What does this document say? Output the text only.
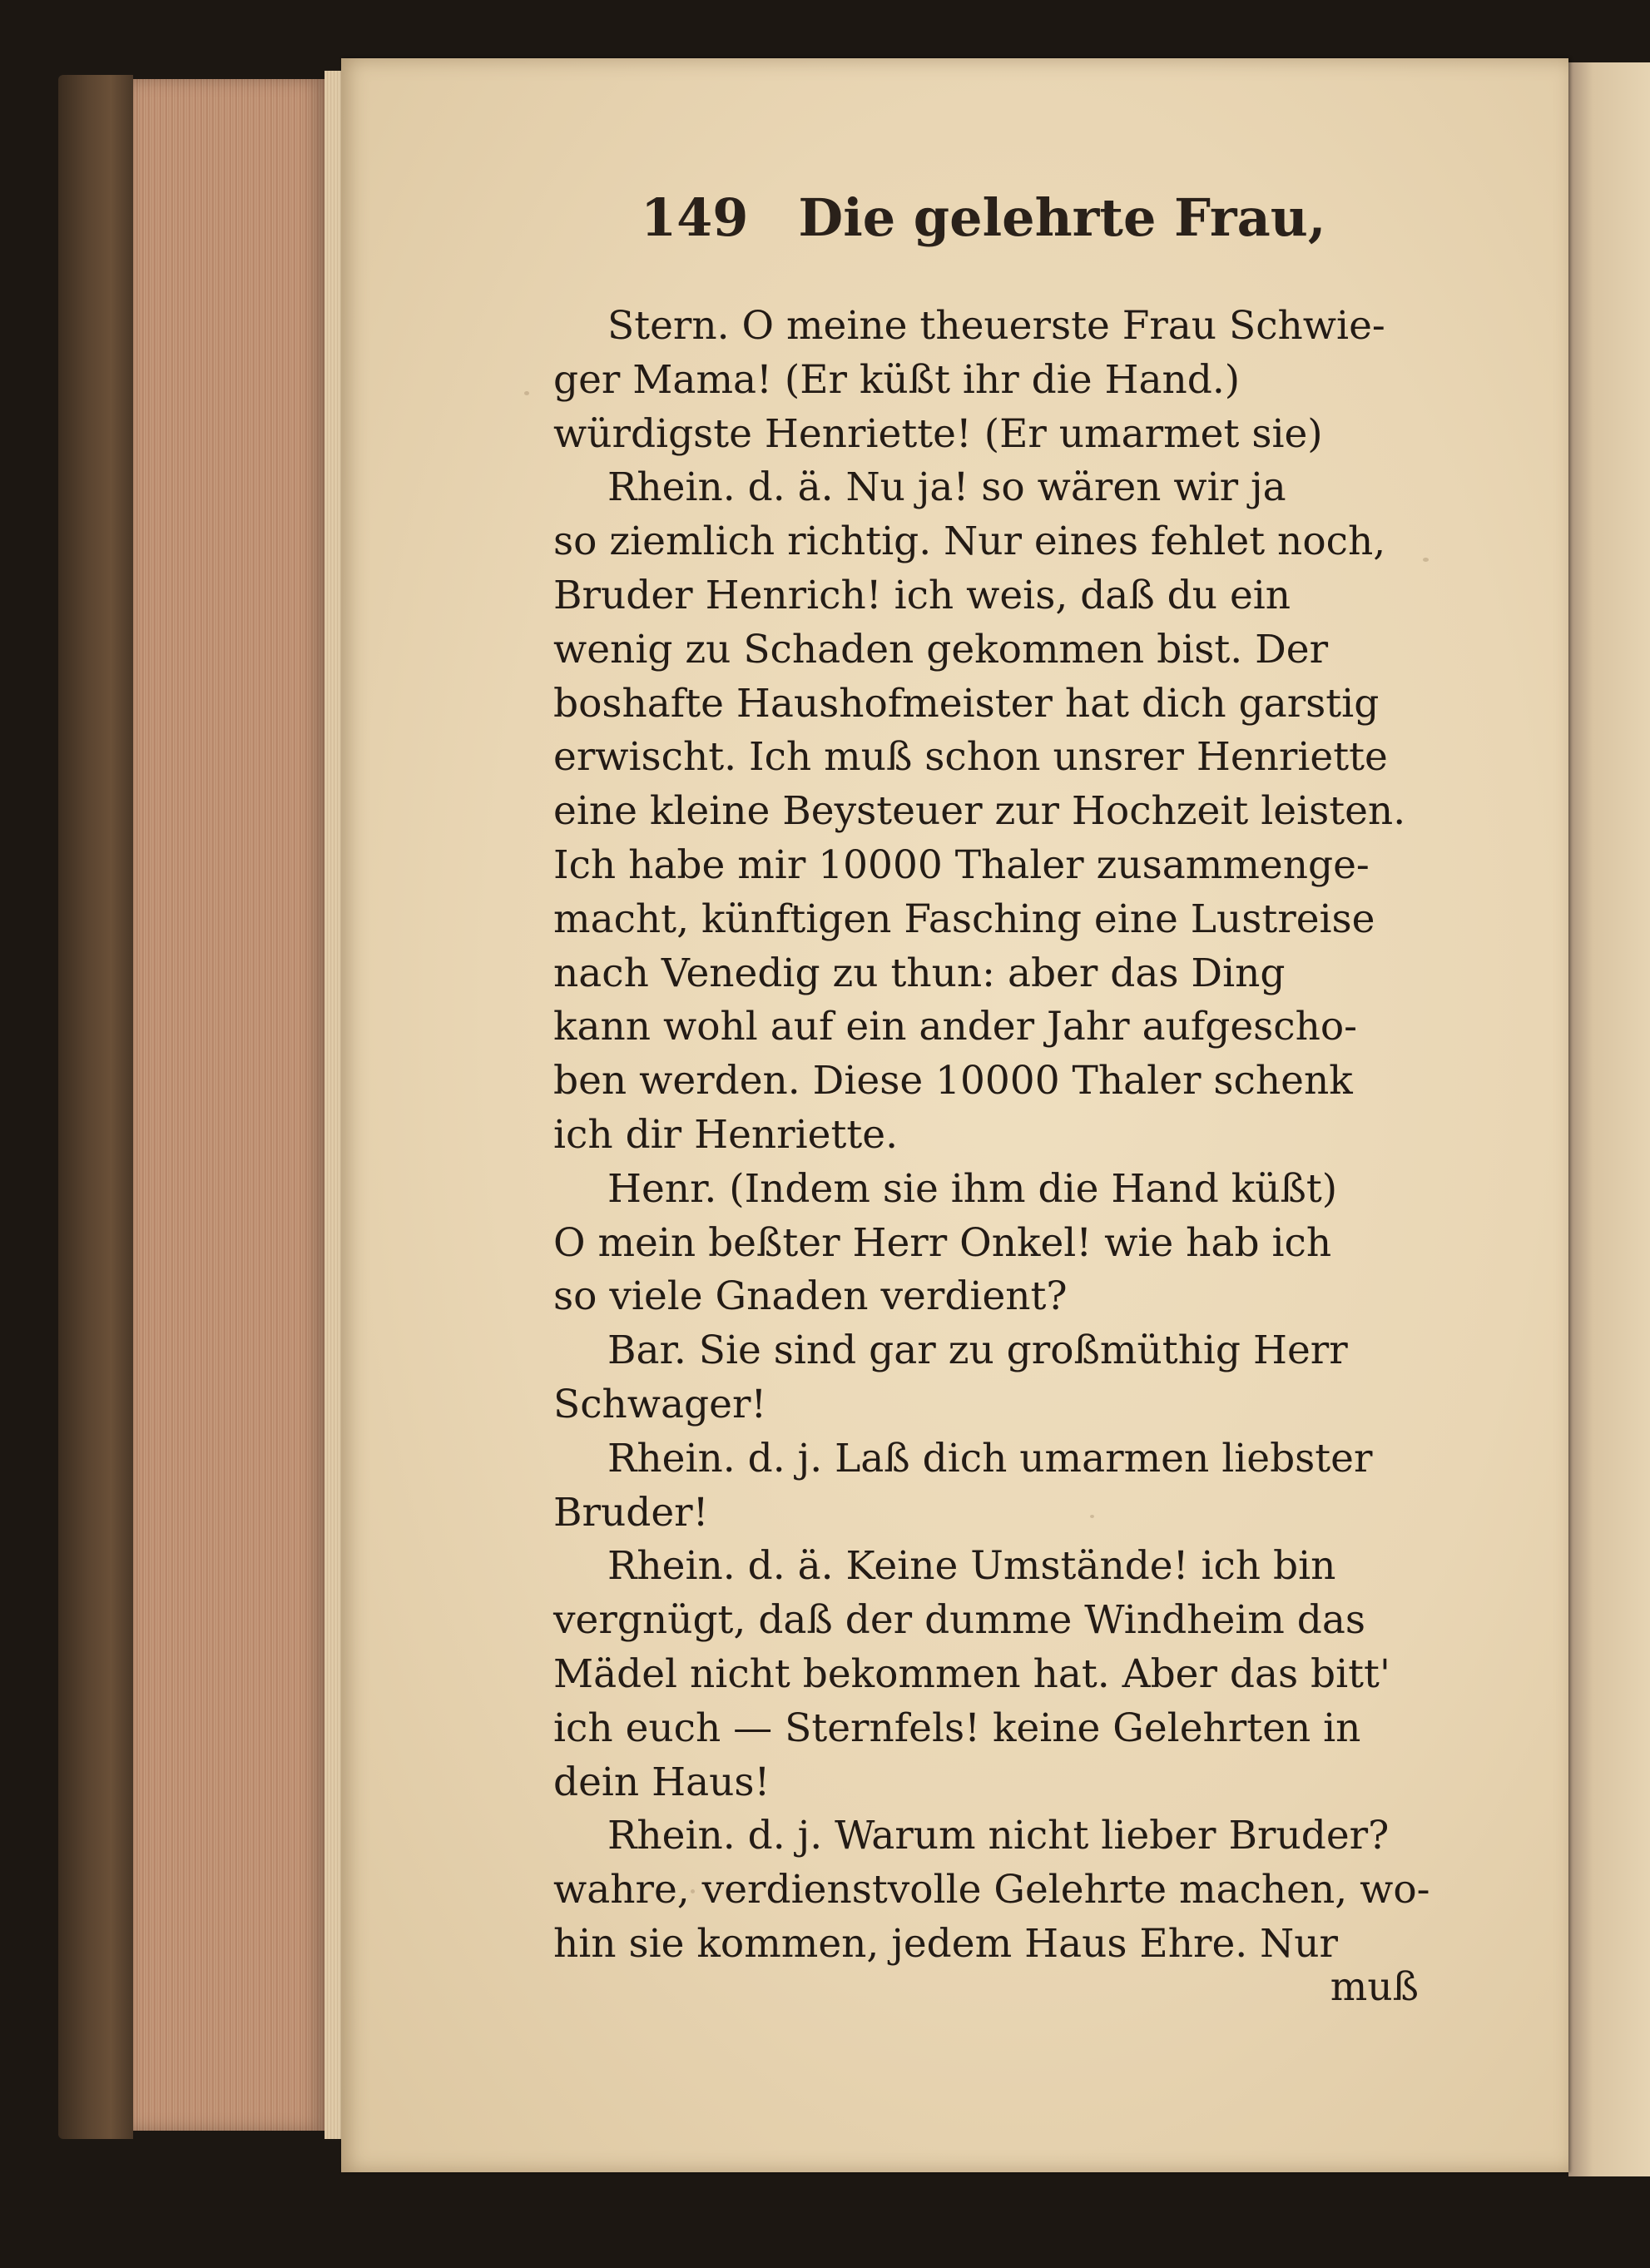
149 Die gelehrte Frau,
Stern. O meine theuerste Frau Schwie-
ger Mama! (Er küßt ihr die Hand.)
würdigste Henriette! (Er umarmet sie)
Rhein. d. ä. Nu ja! so wären wir ja
so ziemlich richtig. Nur eines fehlet noch,
Bruder Henrich! ich weis, daß du ein
wenig zu Schaden gekommen bist. Der
boshafte Haushofmeister hat dich garstig
erwischt. Ich muß schon unsrer Henriette
eine kleine Beysteuer zur Hochzeit leisten.
Ich habe mir 10000 Thaler zusammenge-
macht, künftigen Fasching eine Lustreise
nach Venedig zu thun: aber das Ding
kann wohl auf ein ander Jahr aufgescho-
ben werden. Diese 10000 Thaler schenk
ich dir Henriette.
Henr. (Indem sie ihm die Hand küßt)
O mein beßter Herr Onkel! wie hab ich
so viele Gnaden verdient?
Bar. Sie sind gar zu großmüthig Herr
Schwager!
Rhein. d. j. Laß dich umarmen liebster
Bruder!
Rhein. d. ä. Keine Umstände! ich bin
vergnügt, daß der dumme Windheim das
Mädel nicht bekommen hat. Aber das bitt'
ich euch — Sternfels! keine Gelehrten in
dein Haus!
Rhein. d. j. Warum nicht lieber Bruder?
wahre, verdienstvolle Gelehrte machen, wo-
hin sie kommen, jedem Haus Ehre. Nur
muß
